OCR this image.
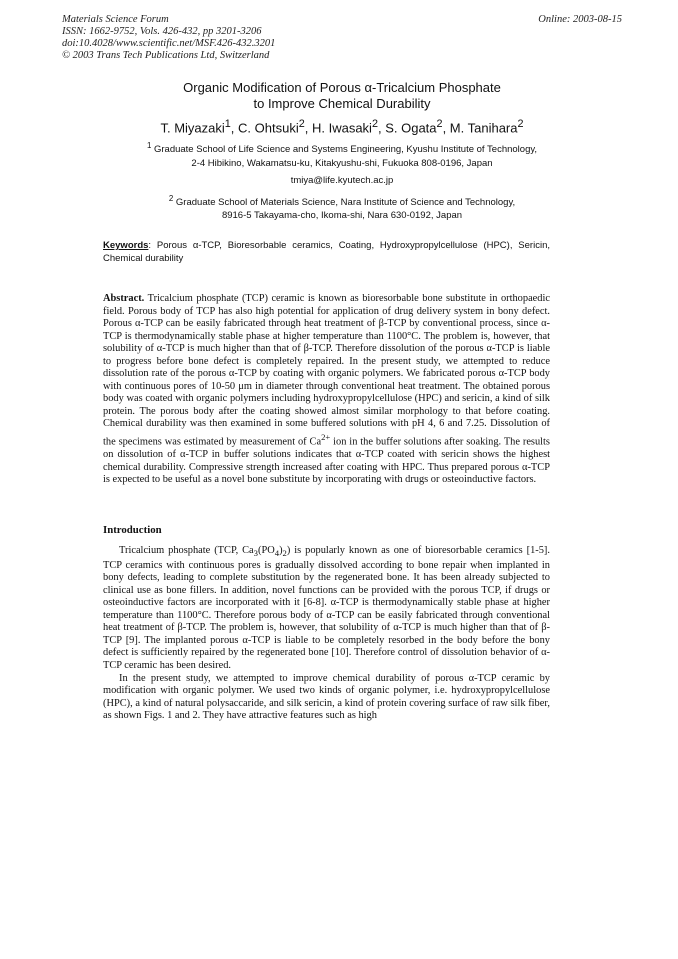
Materials Science Forum
ISSN: 1662-9752, Vols. 426-432, pp 3201-3206
doi:10.4028/www.scientific.net/MSF.426-432.3201
© 2003 Trans Tech Publications Ltd, Switzerland
Online: 2003-08-15
Organic Modification of Porous α-Tricalcium Phosphate
to Improve Chemical Durability
T. Miyazaki$^1$, C. Ohtsuki$^2$, H. Iwasaki$^2$, S. Ogata$^2$, M. Tanihara$^2$
$^1$ Graduate School of Life Science and Systems Engineering, Kyushu Institute of Technology,
2-4 Hibikino, Wakamatsu-ku, Kitakyushu-shi, Fukuoka 808-0196, Japan
tmiya@life.kyutech.ac.jp
$^2$ Graduate School of Materials Science, Nara Institute of Science and Technology,
8916-5 Takayama-cho, Ikoma-shi, Nara 630-0192, Japan
Keywords: Porous α-TCP, Bioresorbable ceramics, Coating, Hydroxypropylcellulose (HPC), Sericin, Chemical durability
Abstract. Tricalcium phosphate (TCP) ceramic is known as bioresorbable bone substitute in orthopaedic field. Porous body of TCP has also high potential for application of drug delivery system in bony defect. Porous α-TCP can be easily fabricated through heat treatment of β-TCP by conventional process, since α-TCP is thermodynamically stable phase at higher temperature than 1100°C. The problem is, however, that solubility of α-TCP is much higher than that of β-TCP. Therefore dissolution of the porous α-TCP is liable to progress before bone defect is completely repaired. In the present study, we attempted to reduce dissolution rate of the porous α-TCP by coating with organic polymers. We fabricated porous α-TCP body with continuous pores of 10-50 μm in diameter through conventional heat treatment. The obtained porous body was coated with organic polymers including hydroxypropylcellulose (HPC) and sericin, a kind of silk protein. The porous body after the coating showed almost similar morphology to that before coating. Chemical durability was then examined in some buffered solutions with pH 4, 6 and 7.25. Dissolution of the specimens was estimated by measurement of $Ca^{2+}$ ion in the buffer solutions after soaking. The results on dissolution of α-TCP in buffer solutions indicates that α-TCP coated with sericin shows the highest chemical durability. Compressive strength increased after coating with HPC. Thus prepared porous α-TCP is expected to be useful as a novel bone substitute by incorporating with drugs or osteoinductive factors.
Introduction

Tricalcium phosphate (TCP, $Ca_3(PO_4)_2$) is popularly known as one of bioresorbable ceramics [1-5]. TCP ceramics with continuous pores is gradually dissolved according to bone repair when implanted in bony defects, leading to complete substitution by the regenerated bone. It has been already subjected to clinical use as bone fillers. In addition, novel functions can be provided with the porous TCP, if drugs or osteoinductive factors are incorporated with it [6-8]. α-TCP is thermodynamically stable phase at higher temperature than 1100°C. Therefore porous body of α-TCP can be easily fabricated through conventional heat treatment of β-TCP. The problem is, however, that solubility of α-TCP is much higher than that of β-TCP [9]. The implanted porous α-TCP is liable to be completely resorbed in the body before the bony defect is sufficiently repaired by the regenerated bone [10]. Therefore control of dissolution behavior of α-TCP ceramic has been desired.

In the present study, we attempted to improve chemical durability of porous α-TCP ceramic by modification with organic polymer. We used two kinds of organic polymer, i.e. hydroxypropylcellulose (HPC), a kind of natural polysaccaride, and silk sericin, a kind of protein covering surface of raw silk fiber, as shown Figs. 1 and 2. They have attractive features such as high
